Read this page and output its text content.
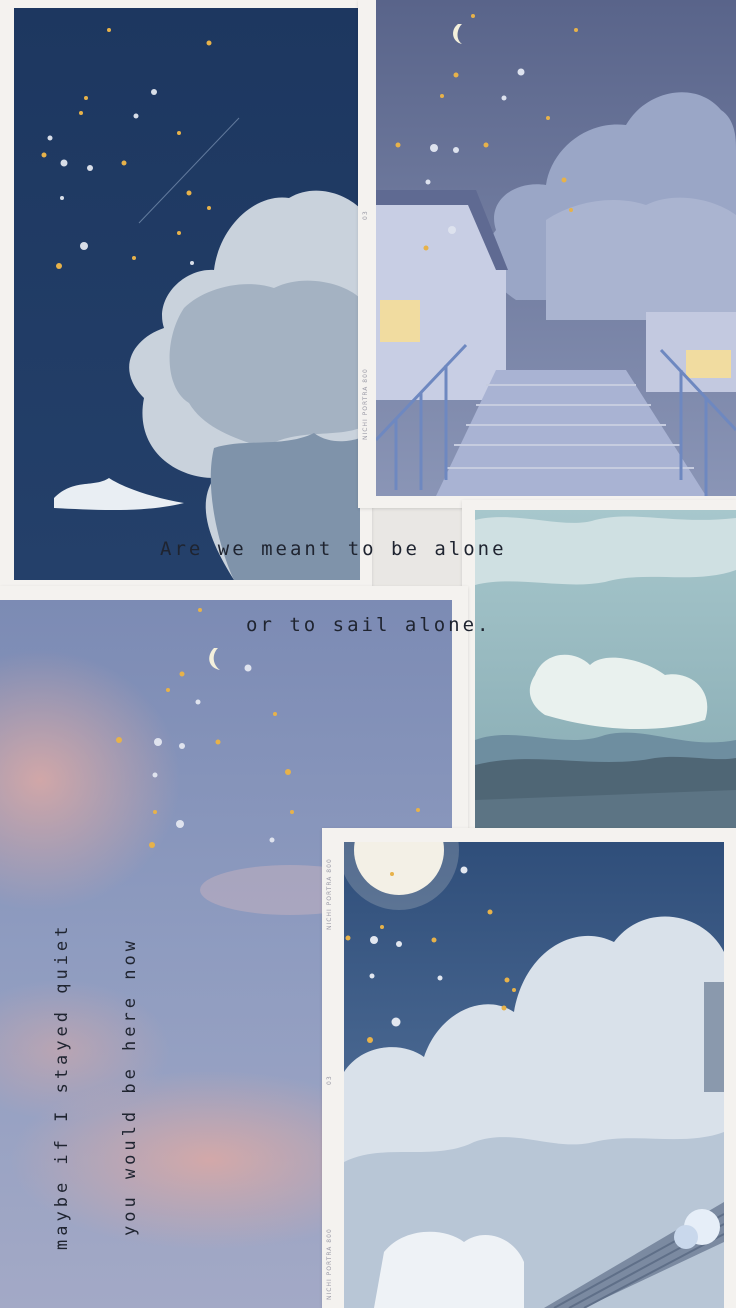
NICHI PORTRA 800
03
NICHI PORTRA 800
03
NICHI PORTRA 800
Are we meant to be alone
or to sail alone.
maybe if I stayed quiet	you would be here now
